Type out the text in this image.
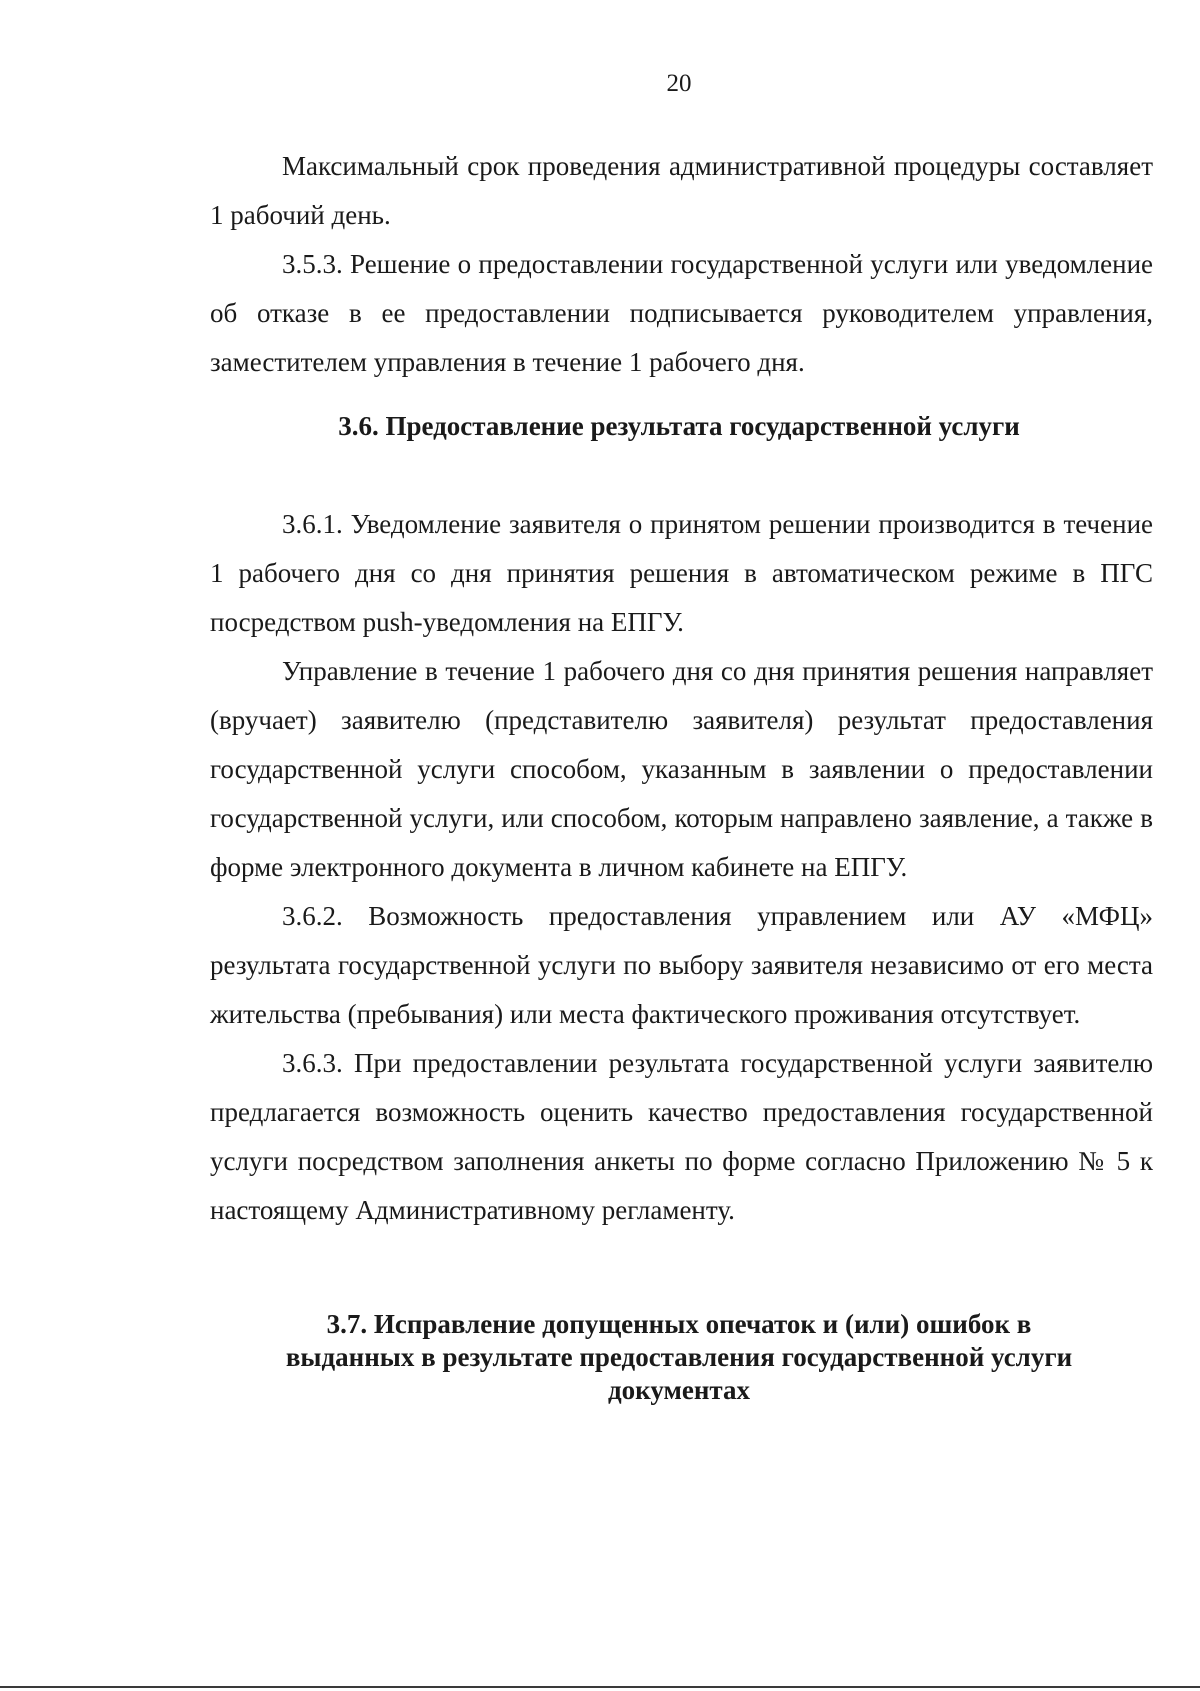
20

Максимальный срок проведения административной процедуры составляет 1 рабочий день.

3.5.3. Решение о предоставлении государственной услуги или уведомление об отказе в ее предоставлении подписывается руководителем управления, заместителем управления в течение 1 рабочего дня.

3.6. Предоставление результата государственной услуги

3.6.1. Уведомление заявителя о принятом решении производится в течение 1 рабочего дня со дня принятия решения в автоматическом режиме в ПГС посредством push-уведомления на ЕПГУ.

Управление в течение 1 рабочего дня со дня принятия решения направляет (вручает) заявителю (представителю заявителя) результат предоставления государственной услуги способом, указанным в заявлении о предоставлении государственной услуги, или способом, которым направлено заявление, а также в форме электронного документа в личном кабинете на ЕПГУ.

3.6.2. Возможность предоставления управлением или АУ «МФЦ» результата государственной услуги по выбору заявителя независимо от его места жительства (пребывания) или места фактического проживания отсутствует.

3.6.3. При предоставлении результата государственной услуги заявителю предлагается возможность оценить качество предоставления государственной услуги посредством заполнения анкеты по форме согласно Приложению № 5 к настоящему Административному регламенту.

3.7. Исправление допущенных опечаток и (или) ошибок в
выданных в результате предоставления государственной услуги
документах
